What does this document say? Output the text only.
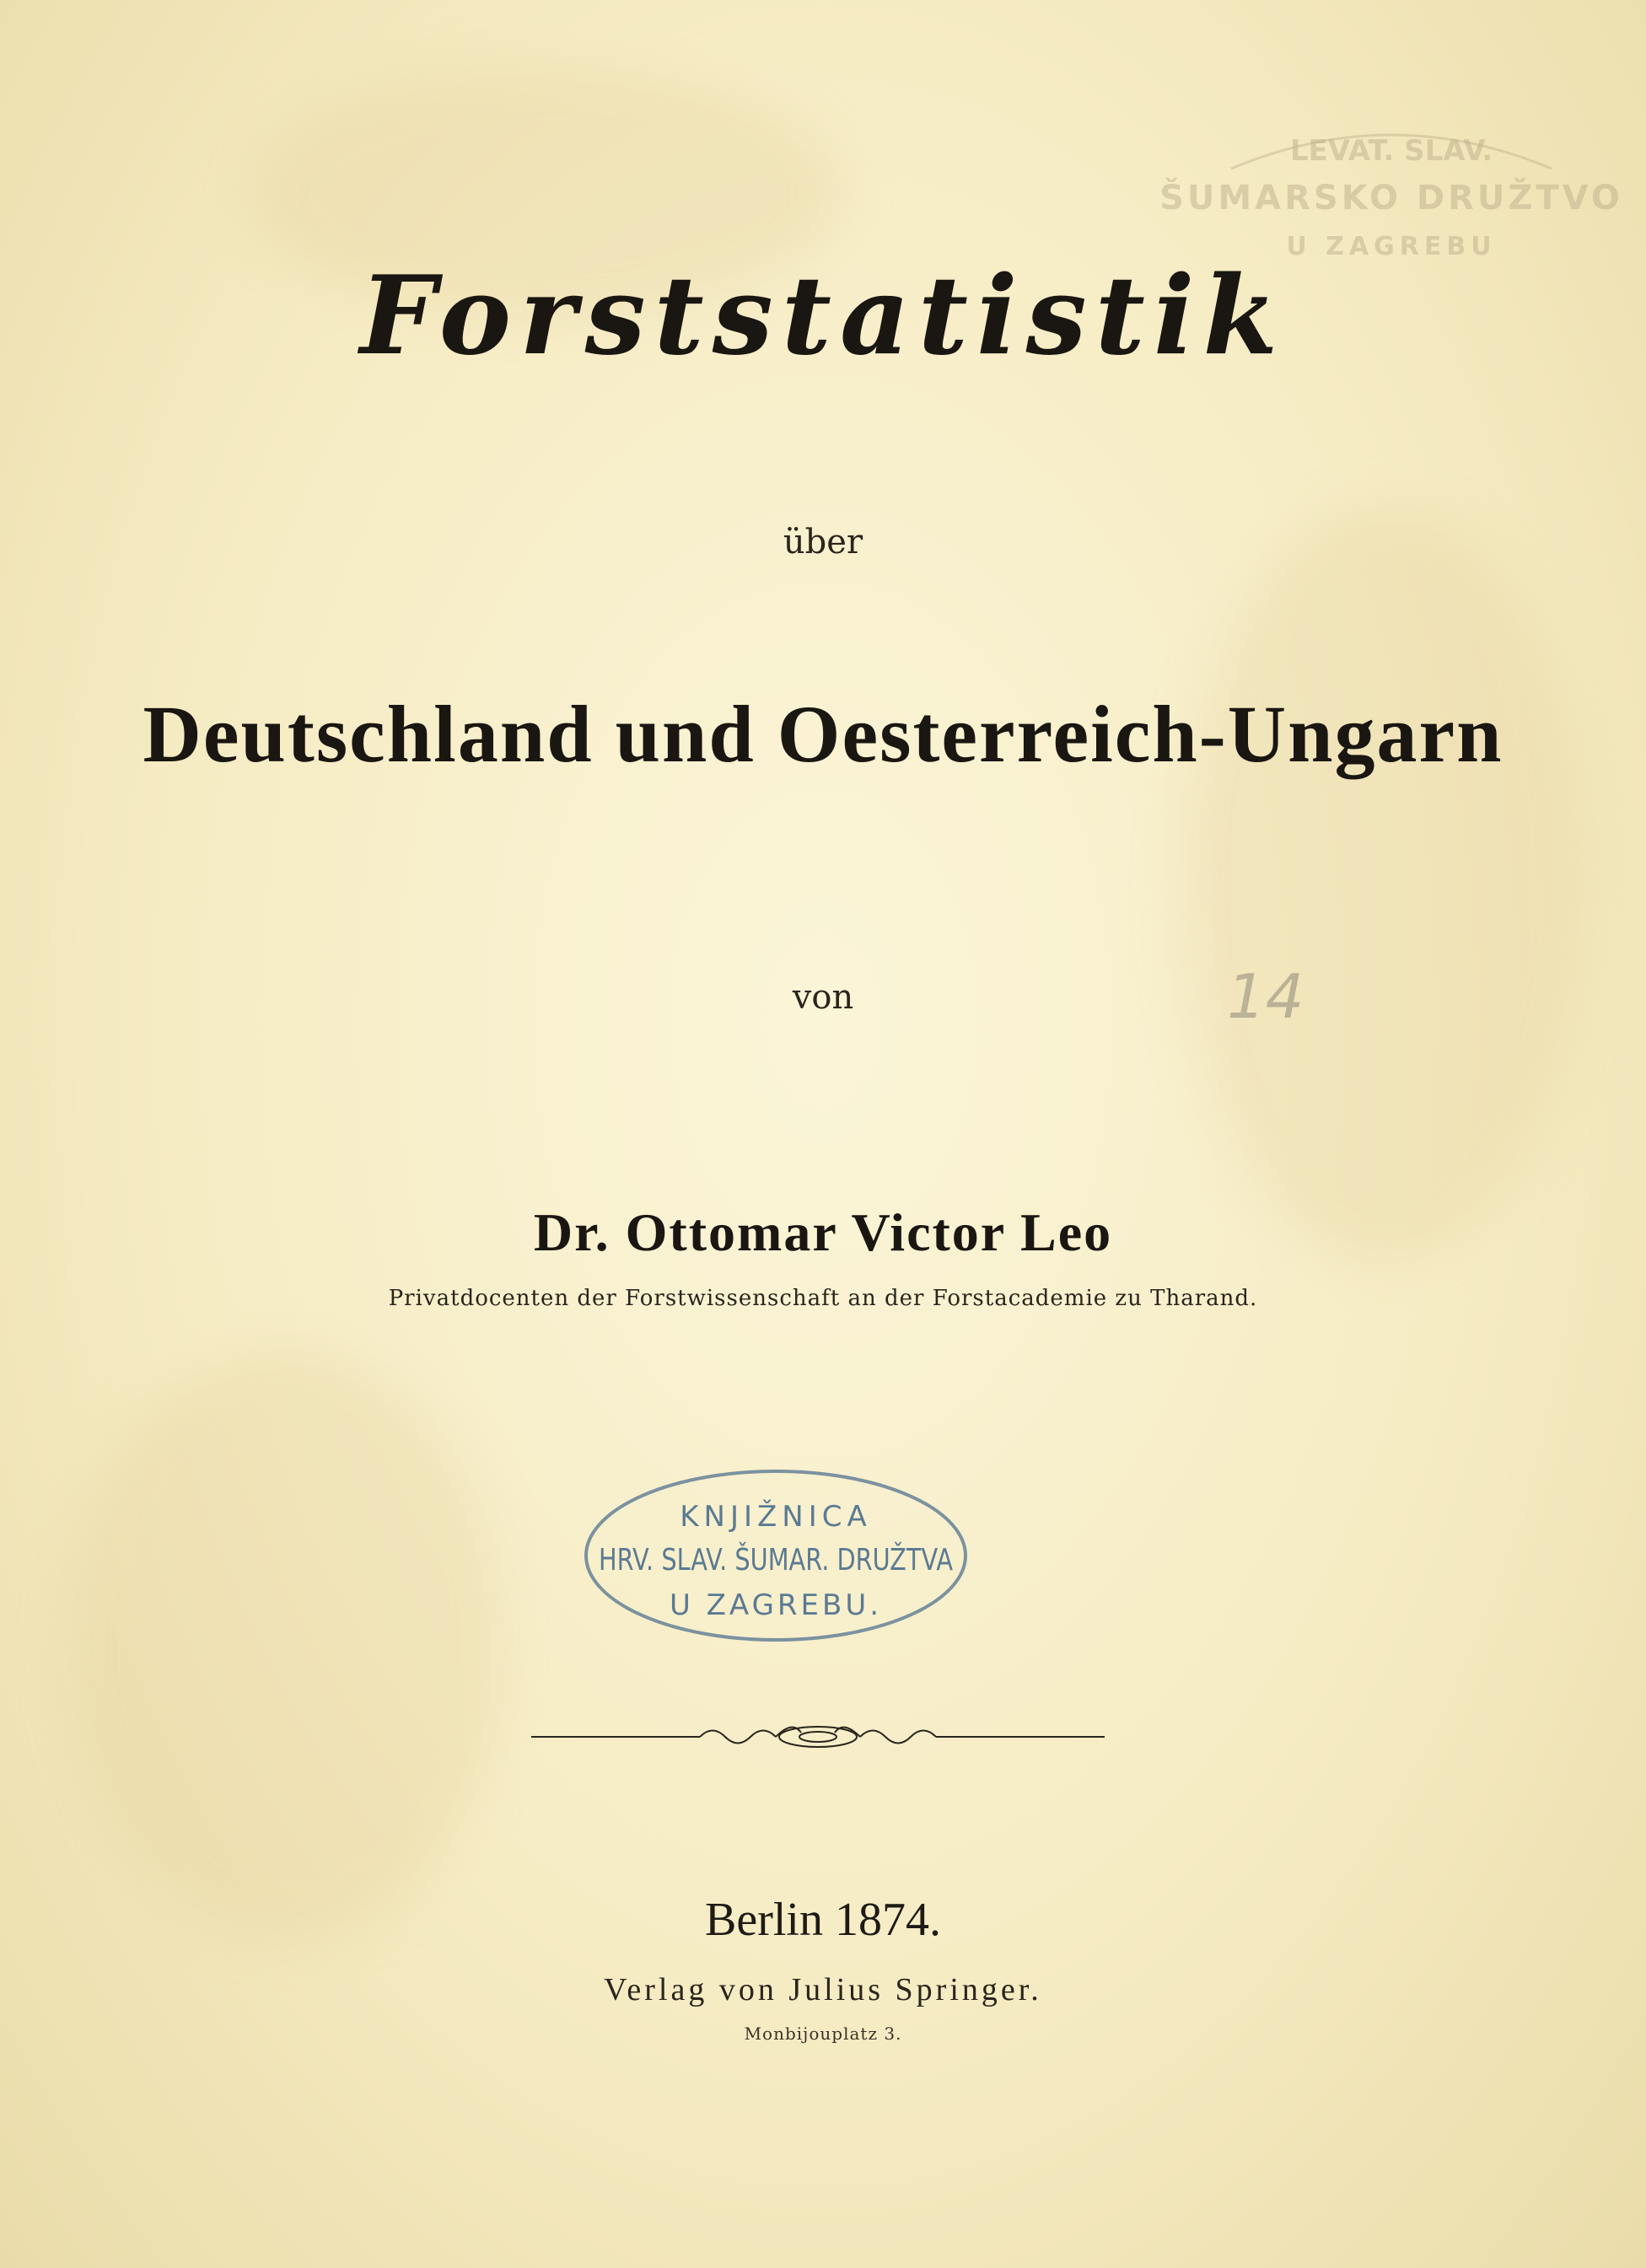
LEVAT. SLAV.
ŠUMARSKO DRUŽTVO
U ZAGREBU
Forststatistik
über
Deutschland und Oesterreich-Ungarn
von	14
Dr. Ottomar Victor Leo
Privatdocenten der Forstwissenschaft an der Forstacademie zu Tharand.
KNJIŽNICA
HRV. SLAV. ŠUMAR. DRUŽTVA
U ZAGREBU.
Berlin 1874.
Verlag von Julius Springer.
Monbijouplatz 3.
